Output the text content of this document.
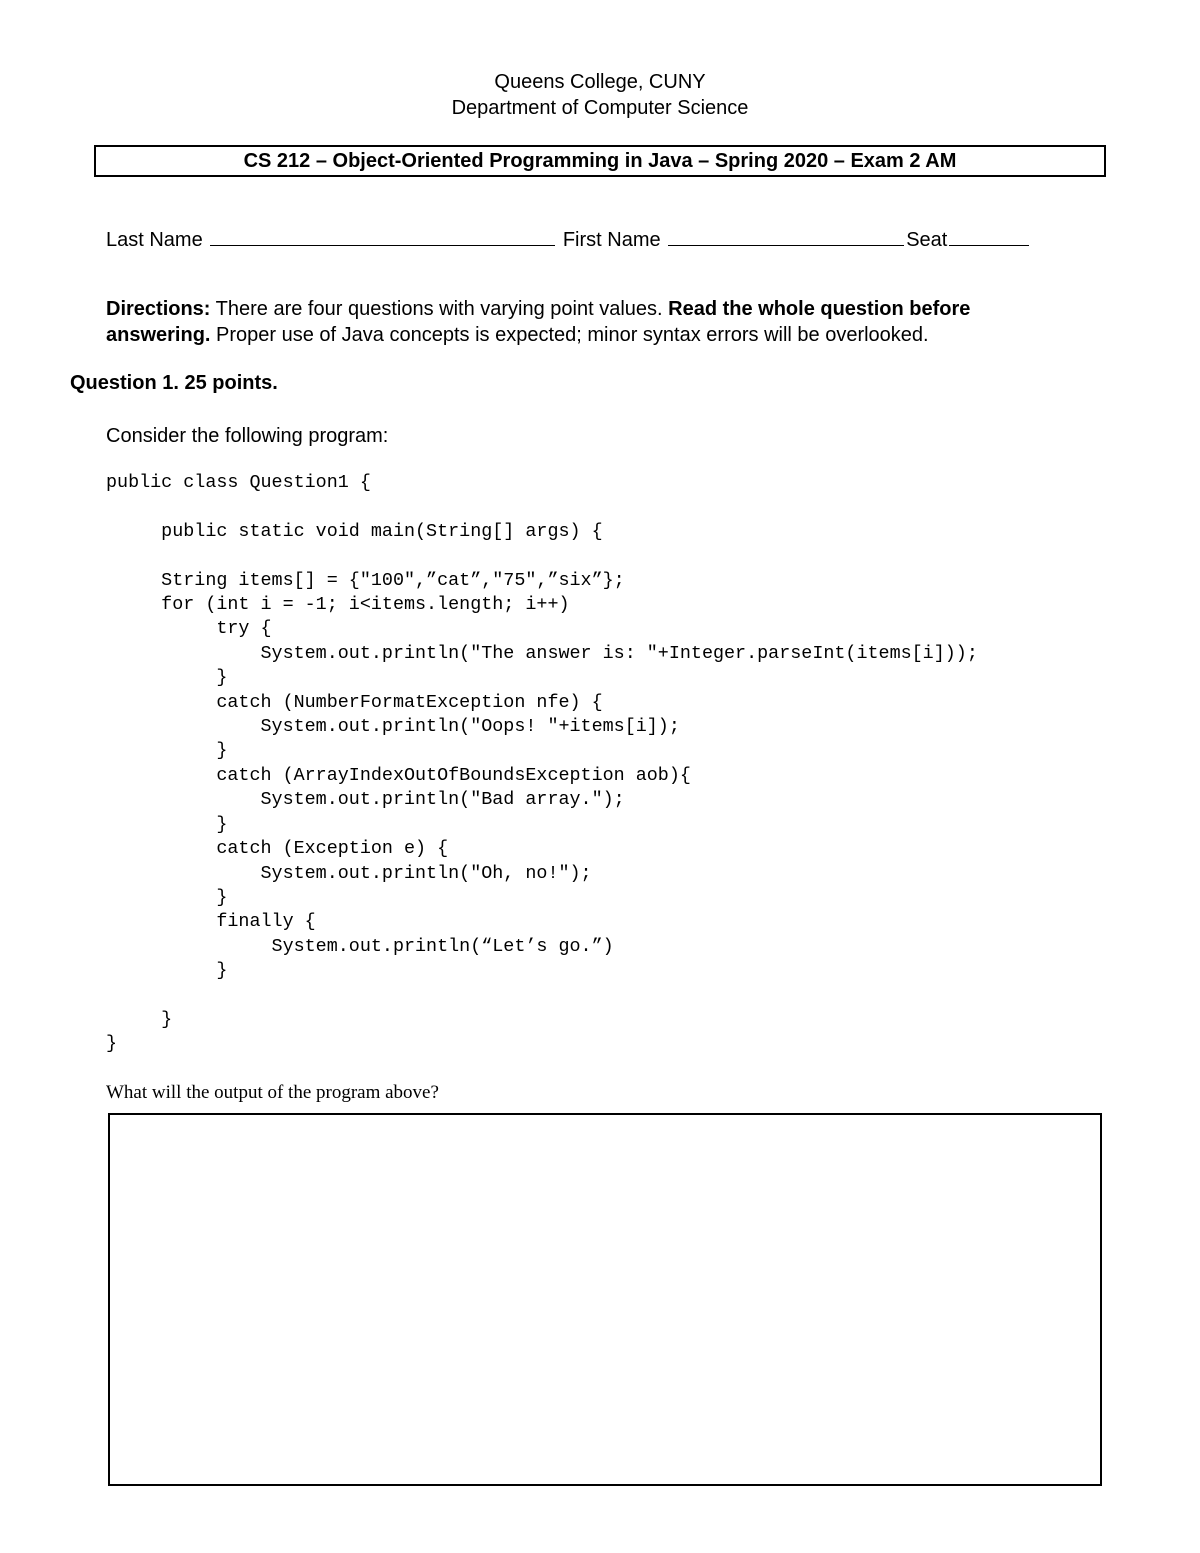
Queens College, CUNY

Department of Computer Science

CS 212 – Object-Oriented Programming in Java – Spring 2020 – Exam 2 AM
Last Name	First Name	Seat
Directions: There are four questions with varying point values. Read the whole question before answering. Proper use of Java concepts is expected; minor syntax errors will be overlooked.

Question 1. 25 points.

Consider the following program:

public class Question1 {

public static void main(String[] args) {

String items[] = {"100",”cat”,"75",”six”};
for (int i = -1; i<items.length; i++)
try {
System.out.println("The answer is: "+Integer.parseInt(items[i]));
}
catch (NumberFormatException nfe) {
System.out.println("Oops! "+items[i]);
}
catch (ArrayIndexOutOfBoundsException aob){
System.out.println("Bad array.");
}
catch (Exception e) {
System.out.println("Oh, no!");
}
finally {
System.out.println(“Let’s go.”)
}

}
}

What will the output of the program above?
